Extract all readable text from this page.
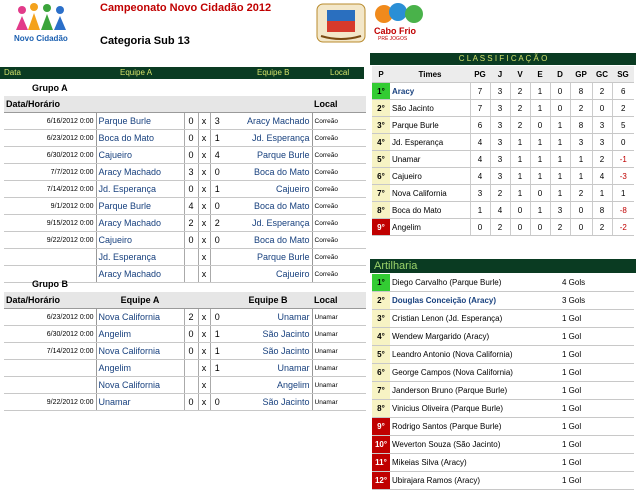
Novo Cidadão
Campeonato Novo Cidadão 2012
Categoria Sub 13
Cabo Frio
PRÉ JOGOS
Data	Equipe A	Equipe B	Local
Grupo A						
Data/Horário						Local
6/16/2012 0:00	Parque Burle	0	x	3	Aracy Machado	Correão
6/23/2012 0:00	Boca do Mato	0	x	1	Jd. Esperança	Correão
6/30/2012 0:00	Cajueiro	0	x	4	Parque Burle	Correão
7/7/2012 0:00	Aracy Machado	3	x	0	Boca do Mato	Correão
7/14/2012 0:00	Jd. Esperança	0	x	1	Cajueiro	Correão
9/1/2012 0:00	Parque Burle	4	x	0	Boca do Mato	Correão
9/15/2012 0:00	Aracy Machado	2	x	2	Jd. Esperança	Correão
9/22/2012 0:00	Cajueiro	0	x	0	Boca do Mato	Correão
	Jd. Esperança		x		Parque Burle	Correão
	Aracy Machado		x		Cajueiro	Correão
Grupo B						
Data/Horário	Equipe A				Equipe B	Local
6/23/2012 0:00	Nova California	2	x	0	Unamar	Unamar
6/30/2012 0:00	Angelim	0	x	1	São Jacinto	Unamar
7/14/2012 0:00	Nova California	0	x	1	São Jacinto	Unamar
	Angelim		x	1	Unamar	Unamar
	Nova California		x		Angelim	Unamar
9/22/2012 0:00	Unamar	0	x	0	São Jacinto	Unamar
C L A S S I F I C A Ç Ã O
P	Times	PG	J	V	E	D	GP	GC	SG
1°	Aracy	7	3	2	1	0	8	2	6
2°	São Jacinto	7	3	2	1	0	2	0	2
3°	Parque Burle	6	3	2	0	1	8	3	5
4°	Jd. Esperança	4	3	1	1	1	3	3	0
5°	Unamar	4	3	1	1	1	1	2	-1
6°	Cajueiro	4	3	1	1	1	1	4	-3
7°	Nova California	3	2	1	0	1	2	1	1
8°	Boca do Mato	1	4	0	1	3	0	8	-8
9°	Angelim	0	2	0	0	2	0	2	-2
Artilharia
1°	Diego Carvalho (Parque Burle)	4 Gols
2°	Douglas Conceição (Aracy)	3 Gols
3°	Cristian Lenon (Jd. Esperança)	1 Gol
4°	Wendew Margarido (Aracy)	1 Gol
5°	Leandro Antonio (Nova California)	1 Gol
6°	George Campos (Nova California)	1 Gol
7°	Janderson Bruno (Parque Burle)	1 Gol
8°	Vinicius Oliveira (Parque Burle)	1 Gol
9°	Rodrigo Santos (Parque Burle)	1 Gol
10°	Weverton Souza (São Jacinto)	1 Gol
11°	Mikeias Silva (Aracy)	1 Gol
12°	Ubirajara Ramos (Aracy)	1 Gol
